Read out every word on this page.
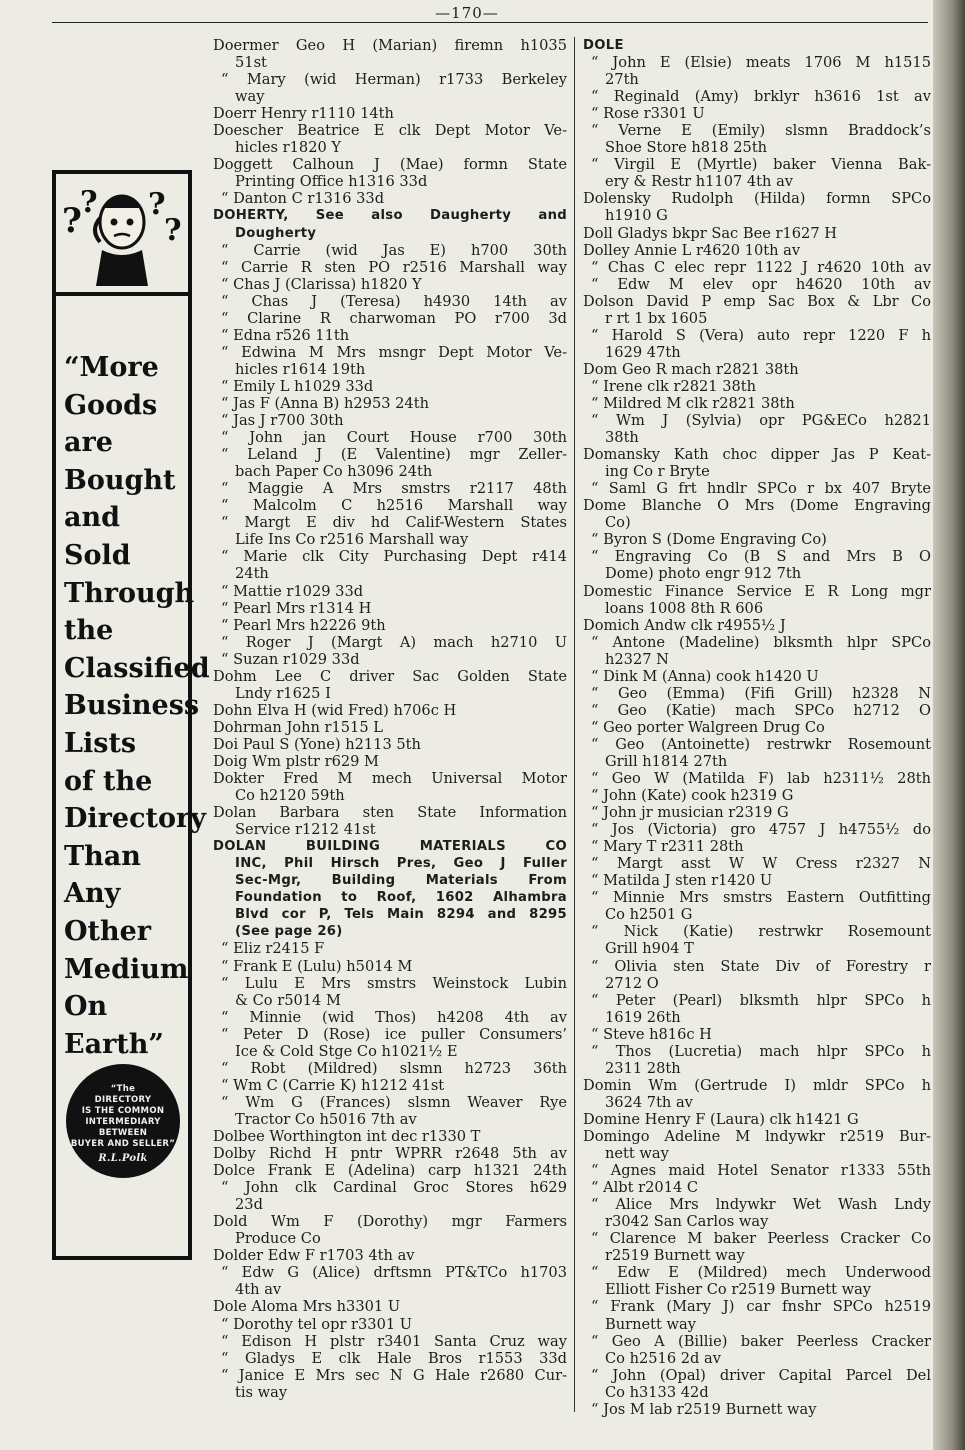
—170—
?
? ?
?
“More
Goods
are
Bought
and
Sold
Through
the
Classified
Business
Lists
of the
Directory
Than
Any
Other
Medium
On
Earth”
“The
DIRECTORY
IS THE COMMON
INTERMEDIARY
BETWEEN
BUYER AND SELLER”
R.L.Polk
Doermer Geo H (Marian) firemn h1035
51st
“ Mary (wid Herman) r1733 Berkeley
way
Doerr Henry r1110 14th
Doescher Beatrice E clk Dept Motor Ve-
hicles r1820 Y
Doggett Calhoun J (Mae) formn State
Printing Office h1316 33d
“ Danton C r1316 33d
DOHERTY, See also Daugherty and
Dougherty
“ Carrie (wid Jas E) h700 30th
“ Carrie R sten PO r2516 Marshall way
“ Chas J (Clarissa) h1820 Y
“ Chas J (Teresa) h4930 14th av
“ Clarine R charwoman PO r700 3d
“ Edna r526 11th
“ Edwina M Mrs msngr Dept Motor Ve-
hicles r1614 19th
“ Emily L h1029 33d
“ Jas F (Anna B) h2953 24th
“ Jas J r700 30th
“ John jan Court House r700 30th
“ Leland J (E Valentine) mgr Zeller-
bach Paper Co h3096 24th
“ Maggie A Mrs smstrs r2117 48th
“ Malcolm C h2516 Marshall way
“ Margt E div hd Calif-Western States
Life Ins Co r2516 Marshall way
“ Marie clk City Purchasing Dept r414
24th
“ Mattie r1029 33d
“ Pearl Mrs r1314 H
“ Pearl Mrs h2226 9th
“ Roger J (Margt A) mach h2710 U
“ Suzan r1029 33d
Dohm Lee C driver Sac Golden State
Lndy r1625 I
Dohn Elva H (wid Fred) h706c H
Dohrman John r1515 L
Doi Paul S (Yone) h2113 5th
Doig Wm plstr r629 M
Dokter Fred M mech Universal Motor
Co h2120 59th
Dolan Barbara sten State Information
Service r1212 41st
DOLAN BUILDING MATERIALS CO
INC, Phil Hirsch Pres, Geo J Fuller
Sec-Mgr, Building Materials From
Foundation to Roof, 1602 Alhambra
Blvd cor P, Tels Main 8294 and 8295
(See page 26)
“ Eliz r2415 F
“ Frank E (Lulu) h5014 M
“ Lulu E Mrs smstrs Weinstock Lubin
& Co r5014 M
“ Minnie (wid Thos) h4208 4th av
“ Peter D (Rose) ice puller Consumers’
Ice & Cold Stge Co h1021½ E
“ Robt (Mildred) slsmn h2723 36th
“ Wm C (Carrie K) h1212 41st
“ Wm G (Frances) slsmn Weaver Rye
Tractor Co h5016 7th av
Dolbee Worthington int dec r1330 T
Dolby Richd H pntr WPRR r2648 5th av
Dolce Frank E (Adelina) carp h1321 24th
“ John clk Cardinal Groc Stores h629
23d
Dold Wm F (Dorothy) mgr Farmers
Produce Co
Dolder Edw F r1703 4th av
“ Edw G (Alice) drftsmn PT&TCo h1703
4th av
Dole Aloma Mrs h3301 U
“ Dorothy tel opr r3301 U
“ Edison H plstr r3401 Santa Cruz way
“ Gladys E clk Hale Bros r1553 33d
“ Janice E Mrs sec N G Hale r2680 Cur-
tis way
DOLE
“ John E (Elsie) meats 1706 M h1515
27th
“ Reginald (Amy) brklyr h3616 1st av
“ Rose r3301 U
“ Verne E (Emily) slsmn Braddock’s
Shoe Store h818 25th
“ Virgil E (Myrtle) baker Vienna Bak-
ery & Restr h1107 4th av
Dolensky Rudolph (Hilda) formn SPCo
h1910 G
Doll Gladys bkpr Sac Bee r1627 H
Dolley Annie L r4620 10th av
“ Chas C elec repr 1122 J r4620 10th av
“ Edw M elev opr h4620 10th av
Dolson David P emp Sac Box & Lbr Co
r rt 1 bx 1605
“ Harold S (Vera) auto repr 1220 F h
1629 47th
Dom Geo R mach r2821 38th
“ Irene clk r2821 38th
“ Mildred M clk r2821 38th
“ Wm J (Sylvia) opr PG&ECo h2821
38th
Domansky Kath choc dipper Jas P Keat-
ing Co r Bryte
“ Saml G frt hndlr SPCo r bx 407 Bryte
Dome Blanche O Mrs (Dome Engraving
Co)
“ Byron S (Dome Engraving Co)
“ Engraving Co (B S and Mrs B O
Dome) photo engr 912 7th
Domestic Finance Service E R Long mgr
loans 1008 8th R 606
Domich Andw clk r4955½ J
“ Antone (Madeline) blksmth hlpr SPCo
h2327 N
“ Dink M (Anna) cook h1420 U
“ Geo (Emma) (Fifi Grill) h2328 N
“ Geo (Katie) mach SPCo h2712 O
“ Geo porter Walgreen Drug Co
“ Geo (Antoinette) restrwkr Rosemount
Grill h1814 27th
“ Geo W (Matilda F) lab h2311½ 28th
“ John (Kate) cook h2319 G
“ John jr musician r2319 G
“ Jos (Victoria) gro 4757 J h4755½ do
“ Mary T r2311 28th
“ Margt asst W W Cress r2327 N
“ Matilda J sten r1420 U
“ Minnie Mrs smstrs Eastern Outfitting
Co h2501 G
“ Nick (Katie) restrwkr Rosemount
Grill h904 T
“ Olivia sten State Div of Forestry r
2712 O
“ Peter (Pearl) blksmth hlpr SPCo h
1619 26th
“ Steve h816c H
“ Thos (Lucretia) mach hlpr SPCo h
2311 28th
Domin Wm (Gertrude I) mldr SPCo h
3624 7th av
Domine Henry F (Laura) clk h1421 G
Domingo Adeline M lndywkr r2519 Bur-
nett way
“ Agnes maid Hotel Senator r1333 55th
“ Albt r2014 C
“ Alice Mrs lndywkr Wet Wash Lndy
r3042 San Carlos way
“ Clarence M baker Peerless Cracker Co
r2519 Burnett way
“ Edw E (Mildred) mech Underwood
Elliott Fisher Co r2519 Burnett way
“ Frank (Mary J) car fnshr SPCo h2519
Burnett way
“ Geo A (Billie) baker Peerless Cracker
Co h2516 2d av
“ John (Opal) driver Capital Parcel Del
Co h3133 42d
“ Jos M lab r2519 Burnett way
